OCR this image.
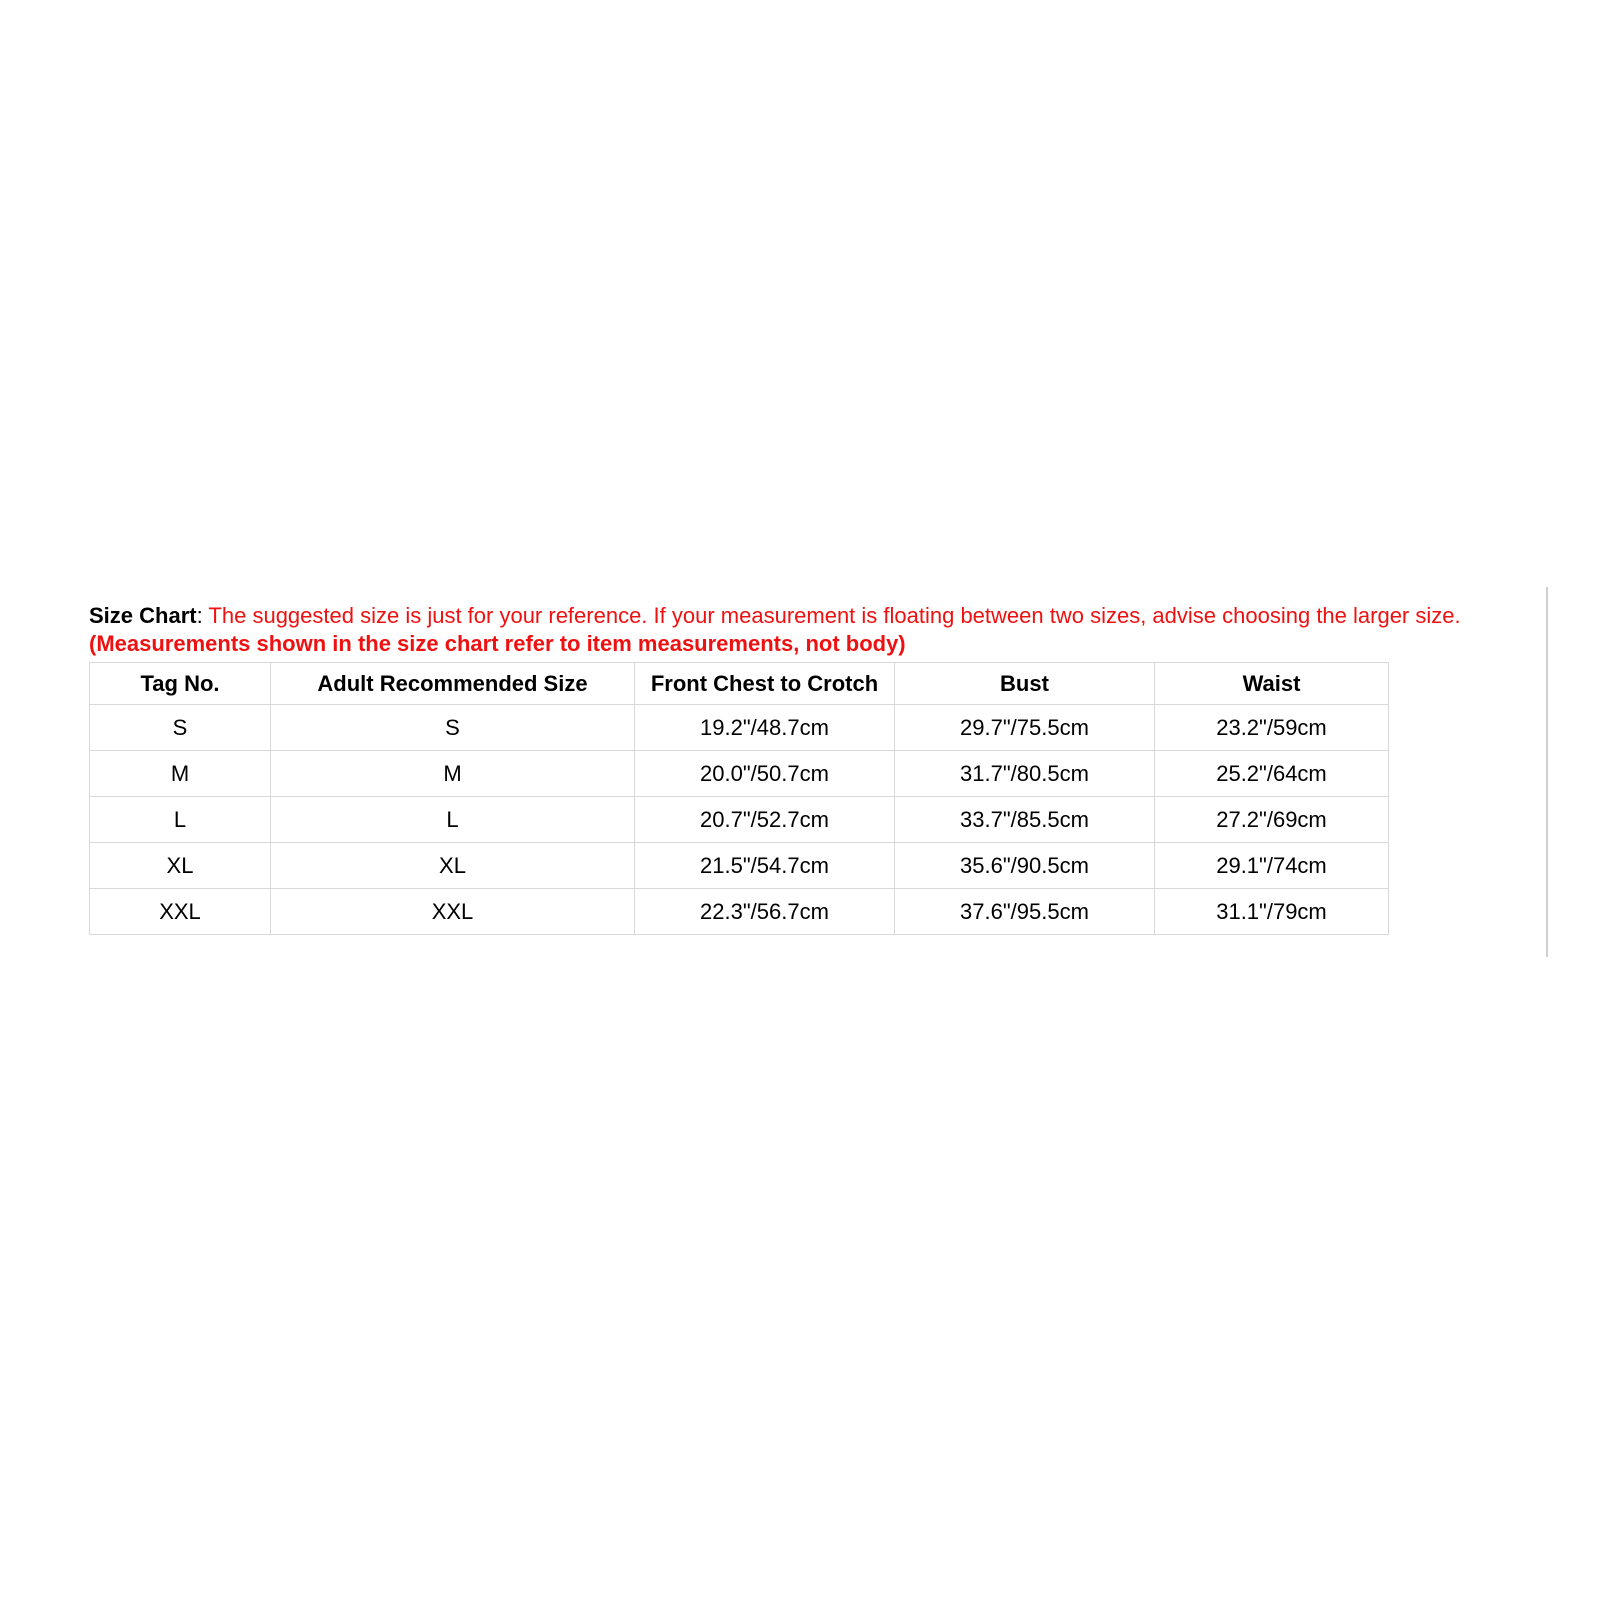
Size Chart: The suggested size is just for your reference. If your measurement is floating between two sizes, advise choosing the larger size. (Measurements shown in the size chart refer to item measurements, not body)

Tag No.	Adult Recommended Size	Front Chest to Crotch	Bust	Waist
S	S	19.2"/48.7cm	29.7"/75.5cm	23.2"/59cm
M	M	20.0"/50.7cm	31.7"/80.5cm	25.2"/64cm
L	L	20.7"/52.7cm	33.7"/85.5cm	27.2"/69cm
XL	XL	21.5"/54.7cm	35.6"/90.5cm	29.1"/74cm
XXL	XXL	22.3"/56.7cm	37.6"/95.5cm	31.1"/79cm
